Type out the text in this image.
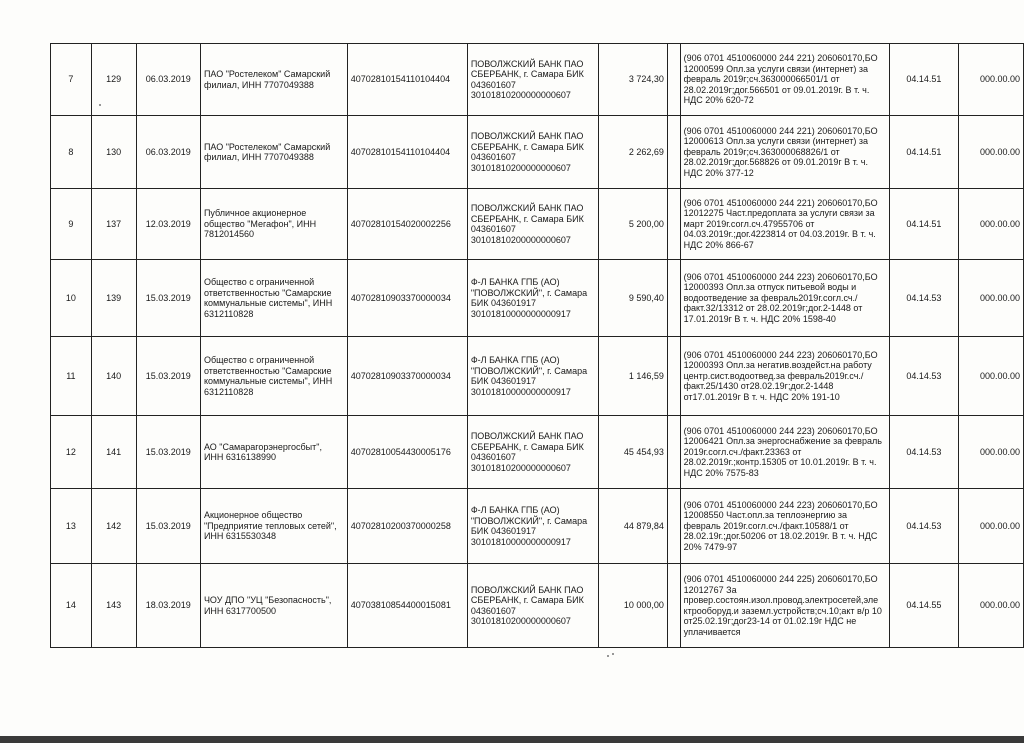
7	129	06.03.2019	ПАО "Ростелеком" Самарский филиал, ИНН 7707049388	40702810154110104404	ПОВОЛЖСКИЙ БАНК ПАО СБЕРБАНК, г. Самара БИК 043601607 30101810200000000607	3 724,30		(906 0701 4510060000 244 221) 206060170,БО 12000599 Опл.за услуги связи (интернет) за февраль 2019г;сч.363000066501/1 от 28.02.2019г;дог.566501 от 09.01.2019г. В т. ч. НДС 20% 620-72	04.14.51	000.00.00
8	130	06.03.2019	ПАО "Ростелеком" Самарский филиал, ИНН 7707049388	40702810154110104404	ПОВОЛЖСКИЙ БАНК ПАО СБЕРБАНК, г. Самара БИК 043601607 30101810200000000607	2 262,69		(906 0701 4510060000 244 221) 206060170,БО 12000613 Опл.за услуги связи (интернет) за февраль 2019г;сч.363000068826/1 от 28.02.2019г;дог.568826 от 09.01.2019г В т. ч. НДС 20% 377-12	04.14.51	000.00.00
9	137	12.03.2019	Публичное акционерное общество "Мегафон", ИНН 7812014560	40702810154020002256	ПОВОЛЖСКИЙ БАНК ПАО СБЕРБАНК, г. Самара БИК 043601607 30101810200000000607	5 200,00		(906 0701 4510060000 244 221) 206060170,БО 12012275 Част.предоплата за услуги связи за март 2019г.согл.сч.47955706 от 04.03.2019г.;дог.4223814 от 04.03.2019г. В т. ч. НДС 20% 866-67	04.14.51	000.00.00
10	139	15.03.2019	Общество с ограниченной ответственностью "Самарские коммунальные системы", ИНН 6312110828	40702810903370000034	Ф-Л БАНКА ГПБ (АО) "ПОВОЛЖСКИЙ", г. Самара БИК 043601917 30101810000000000917	9 590,40		(906 0701 4510060000 244 223) 206060170,БО 12000393 Опл.за отпуск питьевой воды и водоотведение за февраль2019г.согл.сч./факт.32/13312 от 28.02.2019г;дог.2-1448 от 17.01.2019г В т. ч. НДС 20% 1598-40	04.14.53	000.00.00
11	140	15.03.2019	Общество с ограниченной ответственностью "Самарские коммунальные системы", ИНН 6312110828	40702810903370000034	Ф-Л БАНКА ГПБ (АО) "ПОВОЛЖСКИЙ", г. Самара БИК 043601917 30101810000000000917	1 146,59		(906 0701 4510060000 244 223) 206060170,БО 12000393 Опл.за негатив.воздейст.на работу центр.сист.водоотвед.за февраль2019г.сч./факт.25/1430 от28.02.19г;дог.2-1448 от17.01.2019г В т. ч. НДС 20% 191-10	04.14.53	000.00.00
12	141	15.03.2019	АО "Самарагорэнергосбыт", ИНН 6316138990	40702810054430005176	ПОВОЛЖСКИЙ БАНК ПАО СБЕРБАНК, г. Самара БИК 043601607 30101810200000000607	45 454,93		(906 0701 4510060000 244 223) 206060170,БО 12006421 Опл.за энергоснабжение за февраль 2019г.согл.сч./факт.23363 от 28.02.2019г.;контр.15305 от 10.01.2019г. В т. ч. НДС 20% 7575-83	04.14.53	000.00.00
13	142	15.03.2019	Акционерное общество "Предприятие тепловых сетей", ИНН 6315530348	40702810200370000258	Ф-Л БАНКА ГПБ (АО) "ПОВОЛЖСКИЙ", г. Самара БИК 043601917 30101810000000000917	44 879,84		(906 0701 4510060000 244 223) 206060170,БО 12008550 Част.опл.за теплоэнергию за февраль 2019г.согл.сч./факт.10588/1 от 28.02.19г.;дог.50206 от 18.02.2019г. В т. ч. НДС 20% 7479-97	04.14.53	000.00.00
14	143	18.03.2019	ЧОУ ДПО "УЦ "Безопасность", ИНН 6317700500	40703810854400015081	ПОВОЛЖСКИЙ БАНК ПАО СБЕРБАНК, г. Самара БИК 043601607 30101810200000000607	10 000,00		(906 0701 4510060000 244 225) 206060170,БО 12012767 За провер.состоян.изол.провод.электросетей,эле ктрооборуд.и заземл.устройств;сч.10;акт в/р 10 от25.02.19г;дог23-14 от 01.02.19г НДС не уплачивается	04.14.55	000.00.00
